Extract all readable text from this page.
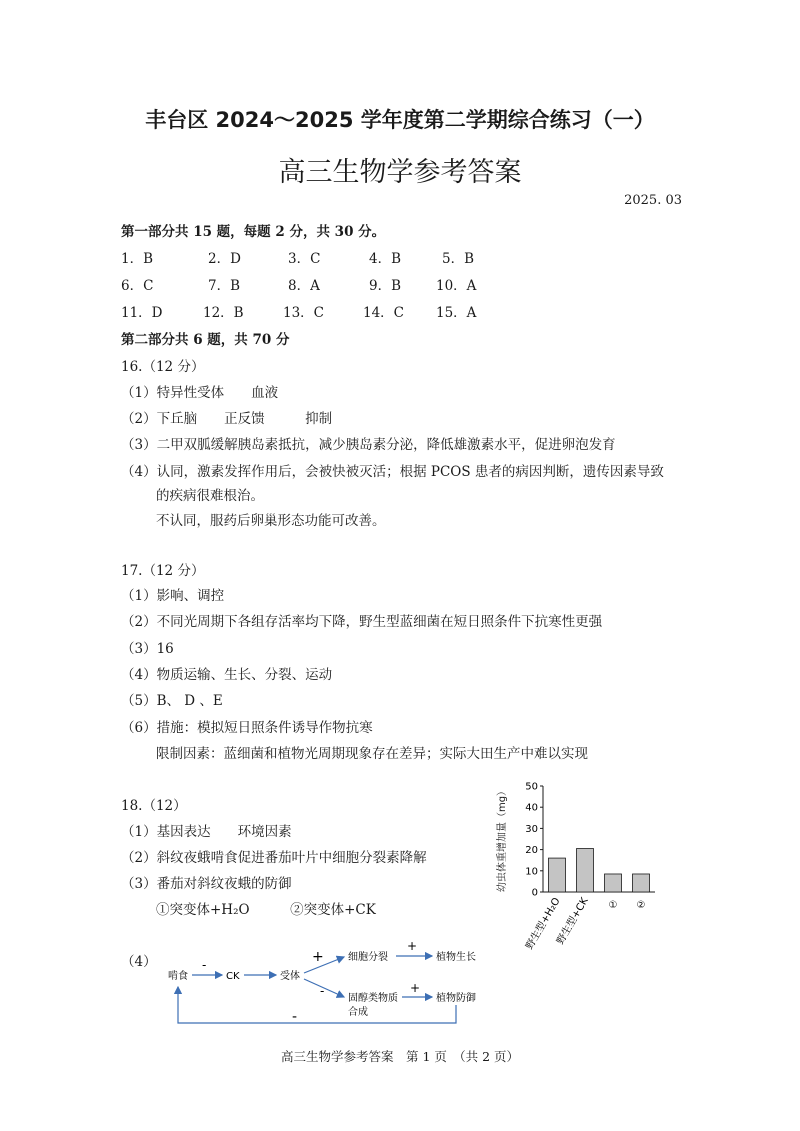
丰台区 2024～2025 学年度第二学期综合练习（一）
高三生物学参考答案
2025. 03
第一部分共 15 题，每题 2 分，共 30 分。
1．B	2．D	3．C	4．B	5．B
6．C	7．B	8．A	9．B	10．A
11．D	12．B	13．C	14．C 15．A
第二部分共 6 题，共 70 分
16.（12 分）
（1）特异性受体　　血液
（2）下丘脑　　正反馈　　　抑制
（3）二甲双胍缓解胰岛素抵抗，减少胰岛素分泌，降低雄激素水平，促进卵泡发育
（4）认同，激素发挥作用后，会被快被灭活；根据 PCOS 患者的病因判断，遗传因素导致
的疾病很难根治。
不认同，服药后卵巢形态功能可改善。
17.（12 分）
（1）影响、调控
（2）不同光周期下各组存活率均下降，野生型蓝细菌在短日照条件下抗寒性更强
（3）16
（4）物质运输、生长、分裂、运动
（5）B、 D 、E
（6）措施：模拟短日照条件诱导作物抗寒
限制因素：蓝细菌和植物光周期现象存在差异；实际大田生产中难以实现
18.（12）
（1）基因表达　　环境因素
（2）斜纹夜蛾啃食促进番茄叶片中细胞分裂素降解
（3）番茄对斜纹夜蛾的防御
①突变体+H₂O　　　②突变体+CK
幼虫体重增加量（mg）
0
10
20
30
40
50
野生型+H₂O
野生型+CK ① ②
（4）
啃食	CK	受体
细胞分裂	植物生长
固醇类物质
合成
植物防御
-	+
-
+
+
-
高三生物学参考答案　第 1 页　（共 2 页）
